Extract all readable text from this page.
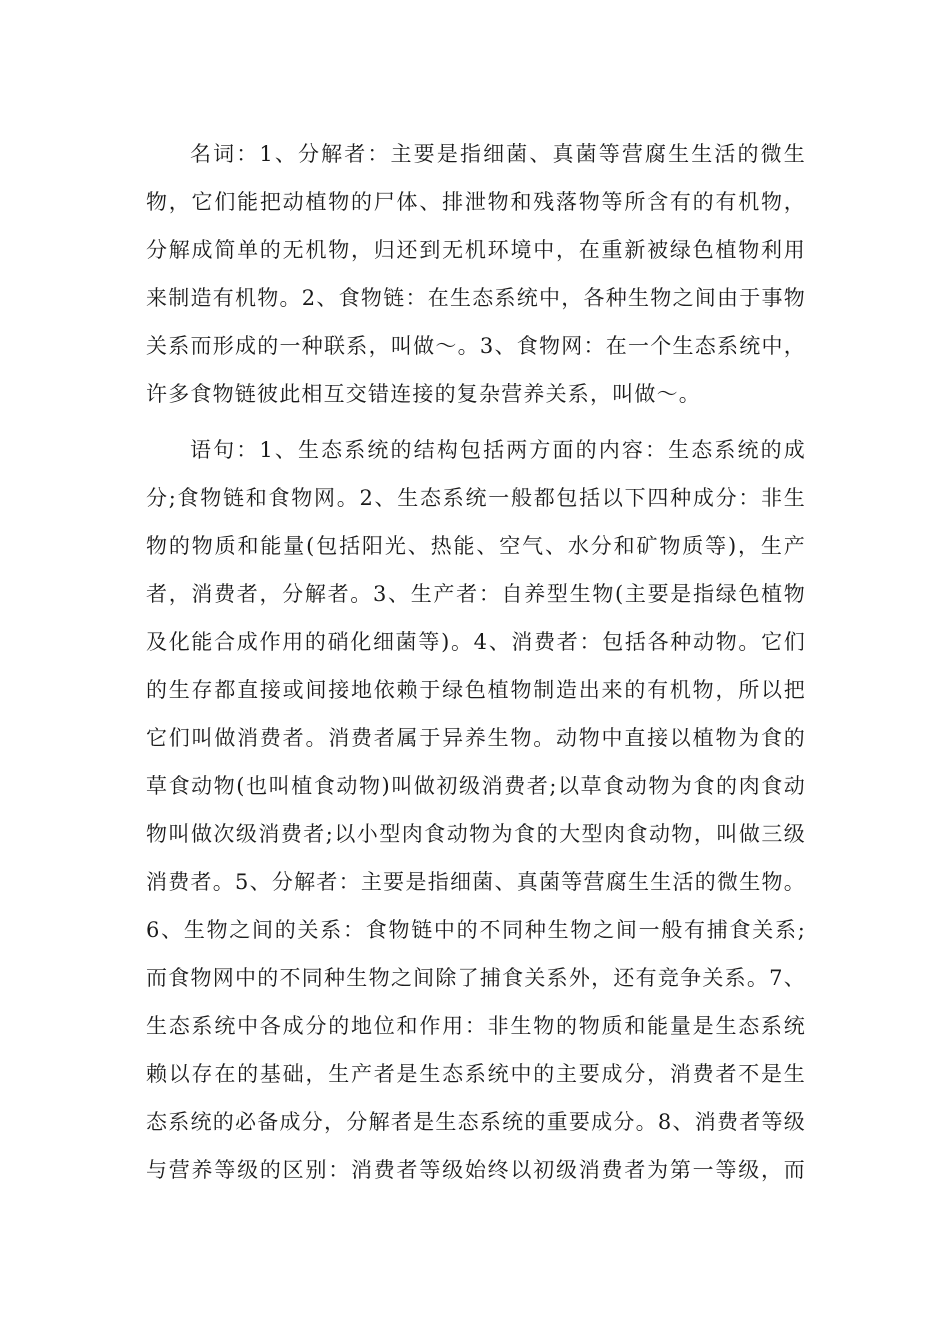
名词：1、分解者：主要是指细菌、真菌等营腐生生活的微生
物，它们能把动植物的尸体、排泄物和残落物等所含有的有机物，
分解成简单的无机物，归还到无机环境中，在重新被绿色植物利用
来制造有机物。2、食物链：在生态系统中，各种生物之间由于事物
关系而形成的一种联系，叫做～。3、食物网：在一个生态系统中，
许多食物链彼此相互交错连接的复杂营养关系，叫做～。
语句：1、生态系统的结构包括两方面的内容：生态系统的成
分;食物链和食物网。2、生态系统一般都包括以下四种成分：非生
物的物质和能量(包括阳光、热能、空气、水分和矿物质等)，生产
者，消费者，分解者。3、生产者：自养型生物(主要是指绿色植物
及化能合成作用的硝化细菌等)。4、消费者：包括各种动物。它们
的生存都直接或间接地依赖于绿色植物制造出来的有机物，所以把
它们叫做消费者。消费者属于异养生物。动物中直接以植物为食的
草食动物(也叫植食动物)叫做初级消费者;以草食动物为食的肉食动
物叫做次级消费者;以小型肉食动物为食的大型肉食动物，叫做三级
消费者。5、分解者：主要是指细菌、真菌等营腐生生活的微生物。
6、生物之间的关系：食物链中的不同种生物之间一般有捕食关系;
而食物网中的不同种生物之间除了捕食关系外，还有竞争关系。7、
生态系统中各成分的地位和作用：非生物的物质和能量是生态系统
赖以存在的基础，生产者是生态系统中的主要成分，消费者不是生
态系统的必备成分，分解者是生态系统的重要成分。8、消费者等级
与营养等级的区别：消费者等级始终以初级消费者为第一等级，而
